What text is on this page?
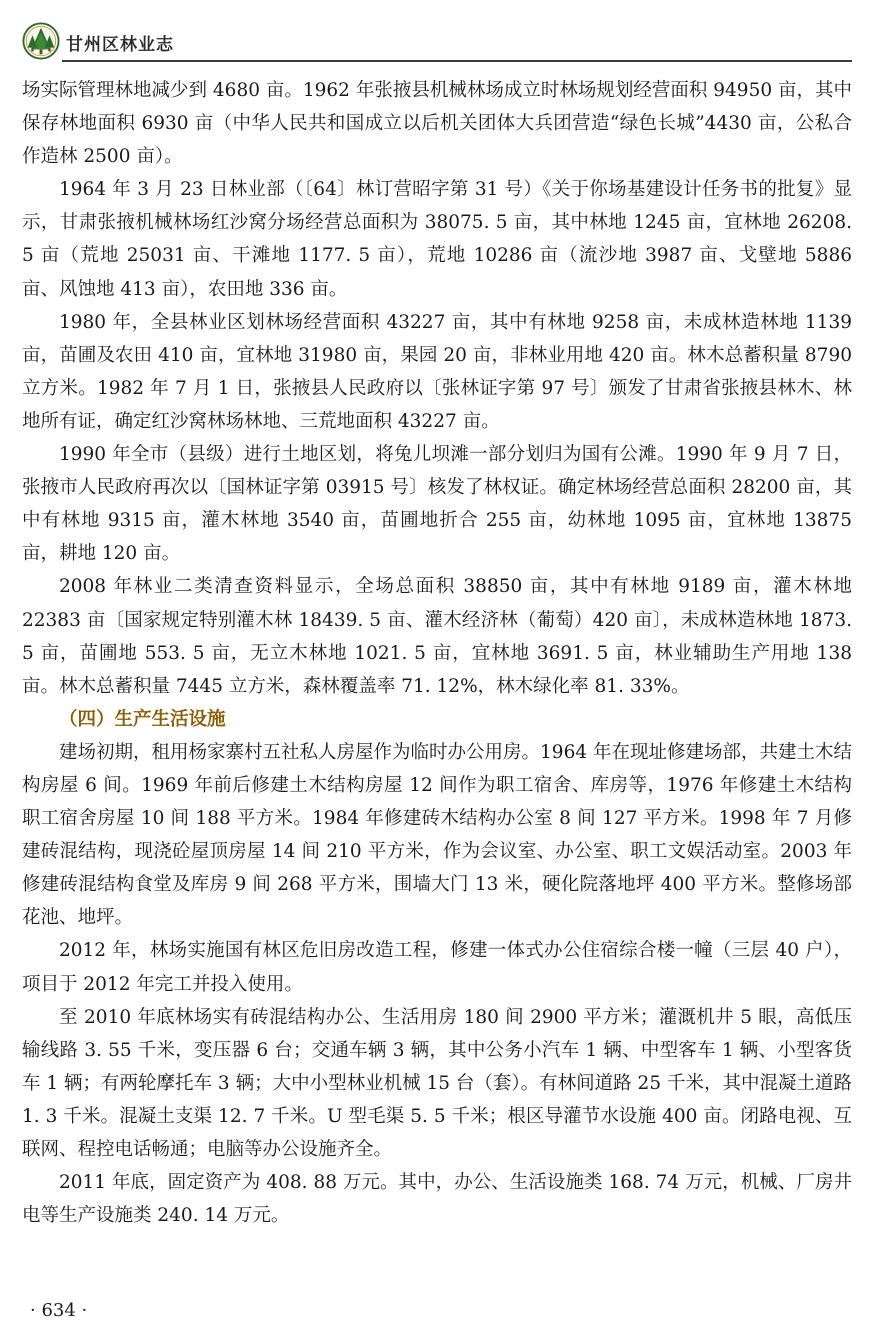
甘州区林业志

场实际管理林地减少到 4680 亩。1962 年张掖县机械林场成立时林场规划经营面积 94950 亩，其中保存林地面积 6930 亩（中华人民共和国成立以后机关团体大兵团营造“绿色长城”4430 亩，公私合作造林 2500 亩）。

1964 年 3 月 23 日林业部（〔64〕林订营昭字第 31 号）《关于你场基建设计任务书的批复》显示，甘肃张掖机械林场红沙窝分场经营总面积为 38075. 5 亩，其中林地 1245 亩，宜林地 26208. 5 亩（荒地 25031 亩、干滩地 1177. 5 亩），荒地 10286 亩（流沙地 3987 亩、戈壁地 5886 亩、风蚀地 413 亩），农田地 336 亩。

1980 年，全县林业区划林场经营面积 43227 亩，其中有林地 9258 亩，未成林造林地 1139 亩，苗圃及农田 410 亩，宜林地 31980 亩，果园 20 亩，非林业用地 420 亩。林木总蓄积量 8790 立方米。1982 年 7 月 1 日，张掖县人民政府以〔张林证字第 97 号〕颁发了甘肃省张掖县林木、林地所有证，确定红沙窝林场林地、三荒地面积 43227 亩。

1990 年全市（县级）进行土地区划，将兔儿坝滩一部分划归为国有公滩。1990 年 9 月 7 日，张掖市人民政府再次以〔国林证字第 03915 号〕核发了林权证。确定林场经营总面积 28200 亩，其中有林地 9315 亩，灌木林地 3540 亩，苗圃地折合 255 亩，幼林地 1095 亩，宜林地 13875 亩，耕地 120 亩。

2008 年林业二类清查资料显示，全场总面积 38850 亩，其中有林地 9189 亩，灌木林地 22383 亩〔国家规定特别灌木林 18439. 5 亩、灌木经济林（葡萄）420 亩〕，未成林造林地 1873. 5 亩，苗圃地 553. 5 亩，无立木林地 1021. 5 亩，宜林地 3691. 5 亩，林业辅助生产用地 138 亩。林木总蓄积量 7445 立方米，森林覆盖率 71. 12%，林木绿化率 81. 33%。

（四）生产生活设施

建场初期，租用杨家寨村五社私人房屋作为临时办公用房。1964 年在现址修建场部，共建土木结构房屋 6 间。1969 年前后修建土木结构房屋 12 间作为职工宿舍、库房等，1976 年修建土木结构职工宿舍房屋 10 间 188 平方米。1984 年修建砖木结构办公室 8 间 127 平方米。1998 年 7 月修建砖混结构，现浇砼屋顶房屋 14 间 210 平方米，作为会议室、办公室、职工文娱活动室。2003 年修建砖混结构食堂及库房 9 间 268 平方米，围墙大门 13 米，硬化院落地坪 400 平方米。整修场部花池、地坪。

2012 年，林场实施国有林区危旧房改造工程，修建一体式办公住宿综合楼一幢（三层 40 户），项目于 2012 年完工并投入使用。

至 2010 年底林场实有砖混结构办公、生活用房 180 间 2900 平方米；灌溉机井 5 眼，高低压输线路 3. 55 千米，变压器 6 台；交通车辆 3 辆，其中公务小汽车 1 辆、中型客车 1 辆、小型客货车 1 辆；有两轮摩托车 3 辆；大中小型林业机械 15 台（套）。有林间道路 25 千米，其中混凝土道路 1. 3 千米。混凝土支渠 12. 7 千米。U 型毛渠 5. 5 千米；根区导灌节水设施 400 亩。闭路电视、互联网、程控电话畅通；电脑等办公设施齐全。

2011 年底，固定资产为 408. 88 万元。其中，办公、生活设施类 168. 74 万元，机械、厂房井电等生产设施类 240. 14 万元。

· 634 ·
